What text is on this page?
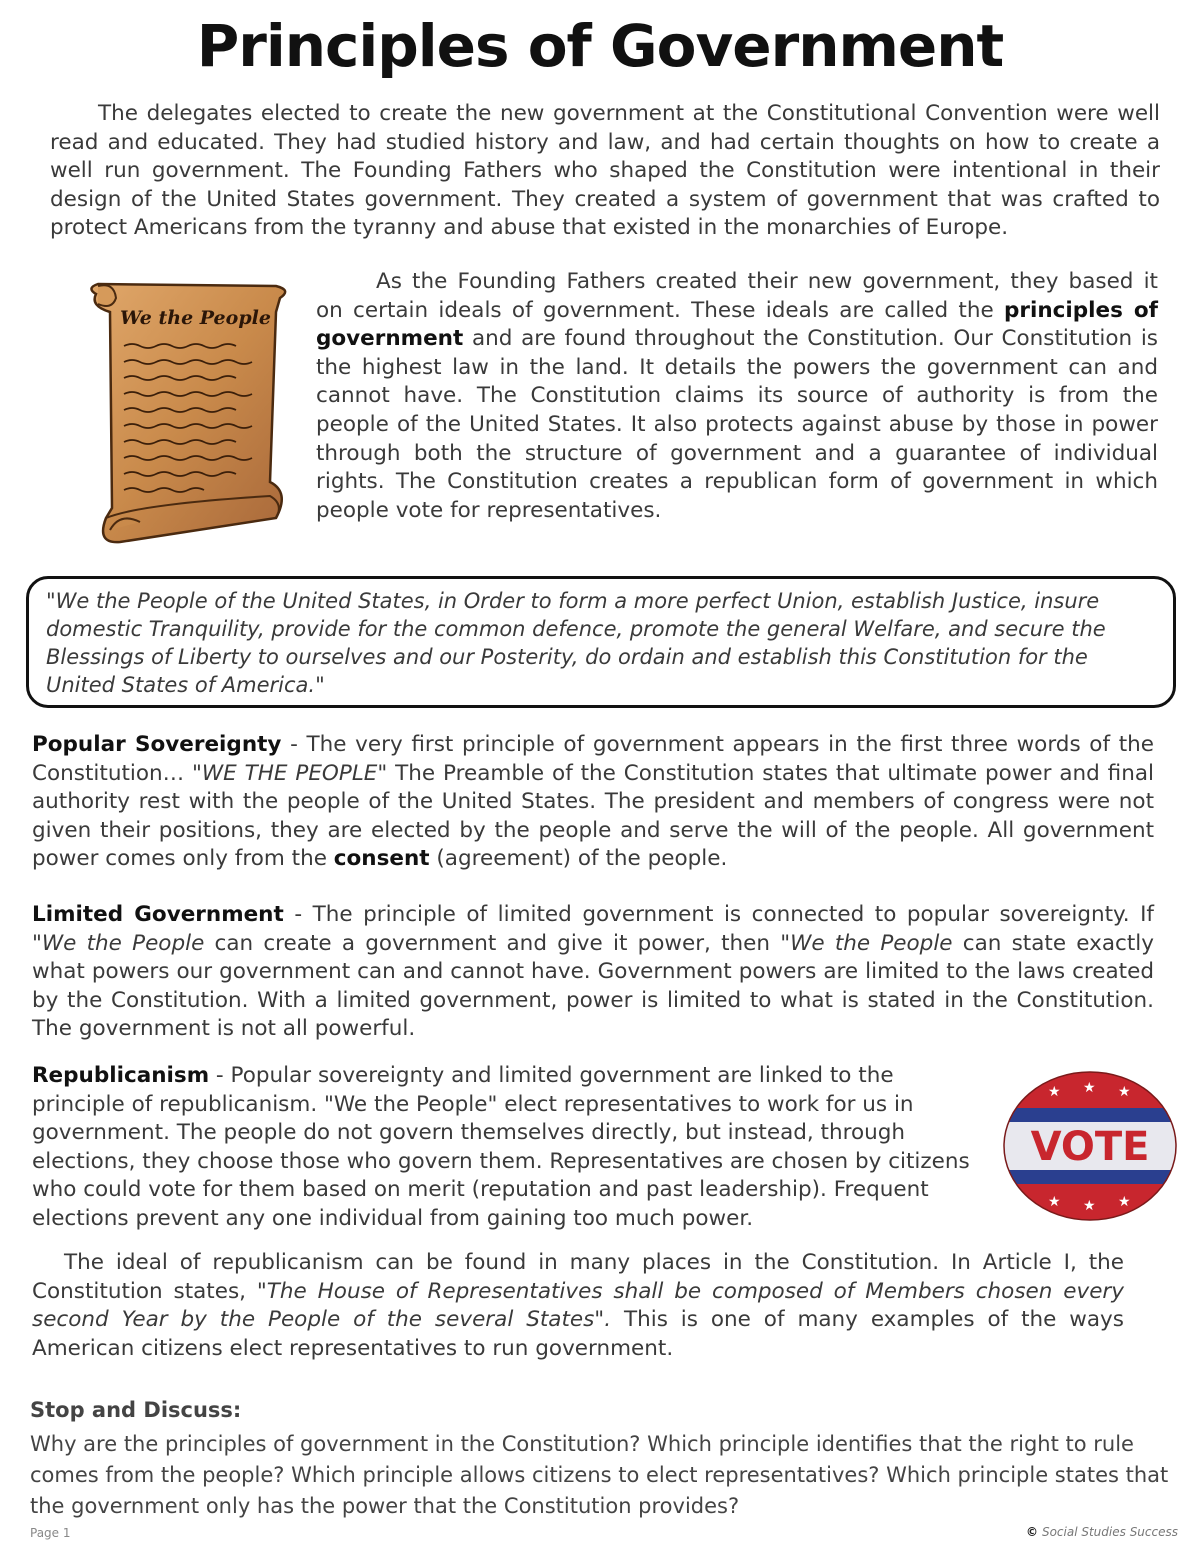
Principles of Government

The delegates elected to create the new government at the Constitutional Convention were well read and educated. They had studied history and law, and had certain thoughts on how to create a well run government. The Founding Fathers who shaped the Constitution were intentional in their design of the United States government. They created a system of government that was crafted to protect Americans from the tyranny and abuse that existed in the monarchies of Europe.

We the People

As the Founding Fathers created their new government, they based it on certain ideals of government. These ideals are called the principles of government and are found throughout the Constitution. Our Constitution is the highest law in the land. It details the powers the government can and cannot have. The Constitution claims its source of authority is from the people of the United States. It also protects against abuse by those in power through both the structure of government and a guarantee of individual rights. The Constitution creates a republican form of government in which people vote for representatives.

"We the People of the United States, in Order to form a more perfect Union, establish Justice, insure domestic Tranquility, provide for the common defence, promote the general Welfare, and secure the Blessings of Liberty to ourselves and our Posterity, do ordain and establish this Constitution for the United States of America."

Popular Sovereignty - The very first principle of government appears in the first three words of the Constitution… "WE THE PEOPLE" The Preamble of the Constitution states that ultimate power and final authority rest with the people of the United States. The president and members of congress were not given their positions, they are elected by the people and serve the will of the people. All government power comes only from the consent (agreement) of the people.

Limited Government - The principle of limited government is connected to popular sovereignty. If "We the People can create a government and give it power, then "We the People can state exactly what powers our government can and cannot have. Government powers are limited to the laws created by the Constitution. With a limited government, power is limited to what is stated in the Constitution. The government is not all powerful.

Republicanism - Popular sovereignty and limited government are linked to the principle of republicanism. "We the People" elect representatives to work for us in government. The people do not govern themselves directly, but instead, through elections, they choose those who govern them. Representatives are chosen by citizens who could vote for them based on merit (reputation and past leadership). Frequent elections prevent any one individual from gaining too much power.

★ ★ ★
★ ★ ★
VOTE

The ideal of republicanism can be found in many places in the Constitution. In Article I, the Constitution states, "The House of Representatives shall be composed of Members chosen every second Year by the People of the several States". This is one of many examples of the ways American citizens elect representatives to run government.

Stop and Discuss:

Why are the principles of government in the Constitution? Which principle identifies that the right to rule comes from the people? Which principle allows citizens to elect representatives? Which principle states that the government only has the power that the Constitution provides?

Page 1	© Social Studies Success
